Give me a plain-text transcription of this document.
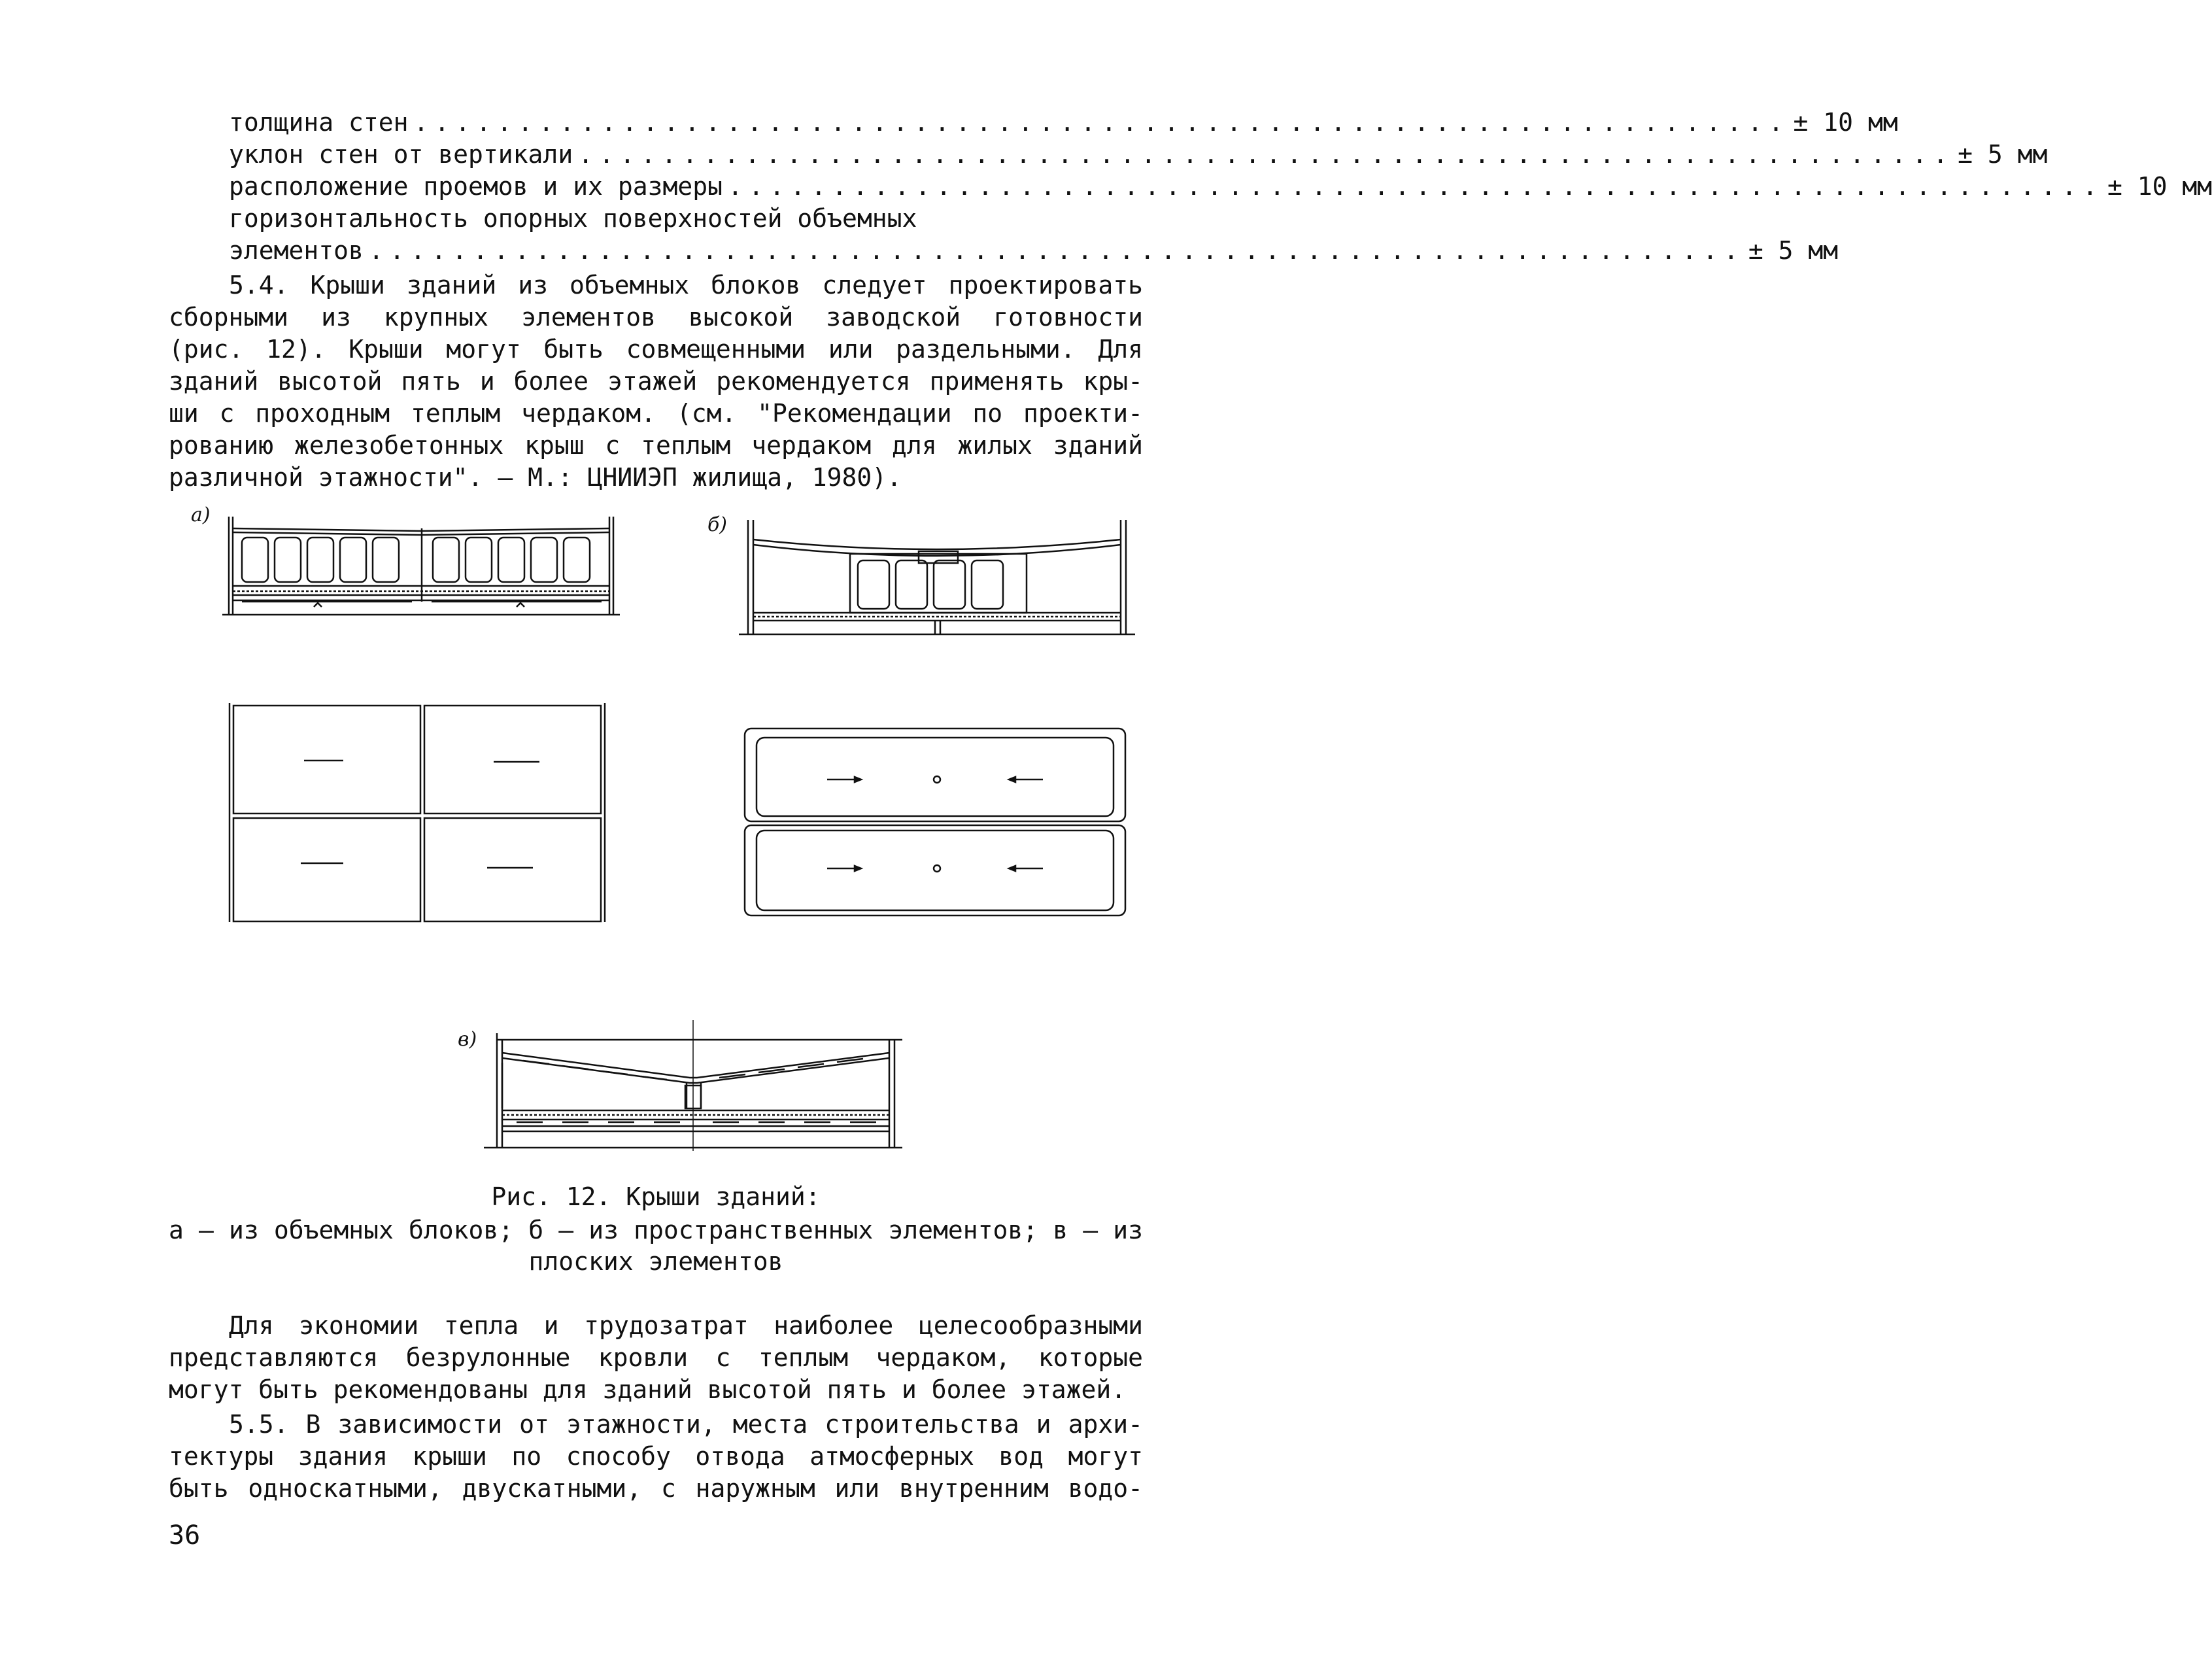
толщина стен .................................................................. ± 10 мм
уклон стен от вертикали .................................................................. ± 5 мм
расположение проемов и их размеры .................................................................. ± 10 мм
горизонтальность опорных поверхностей объемных
элементов .................................................................. ± 5 мм
5.4. Крыши зданий из объемных блоков следует проектировать
сборными из крупных элементов высокой заводской готовности
(рис. 12). Крыши могут быть совмещенными или раздельными. Для
зданий высотой пять и более этажей рекомендуется применять кры-
ши с проходным теплым чердаком. (см. "Рекомендации по проекти-
рованию железобетонных крыш с теплым чердаком для жилых зданий
различной этажности". – М.: ЦНИИЭП жилища, 1980).
а)	б)
в)
Рис. 12. Крыши зданий:
а – из объемных блоков; б – из пространственных элементов; в – из
плоских элементов
Для экономии тепла и трудозатрат наиболее целесообразными
представляются безрулонные кровли с теплым чердаком, которые
могут быть рекомендованы для зданий высотой пять и более этажей.
5.5. В зависимости от этажности, места строительства и архи-
тектуры здания крыши по способу отвода атмосферных вод могут
быть односкатными, двускатными, с наружным или внутренним водо-
36
